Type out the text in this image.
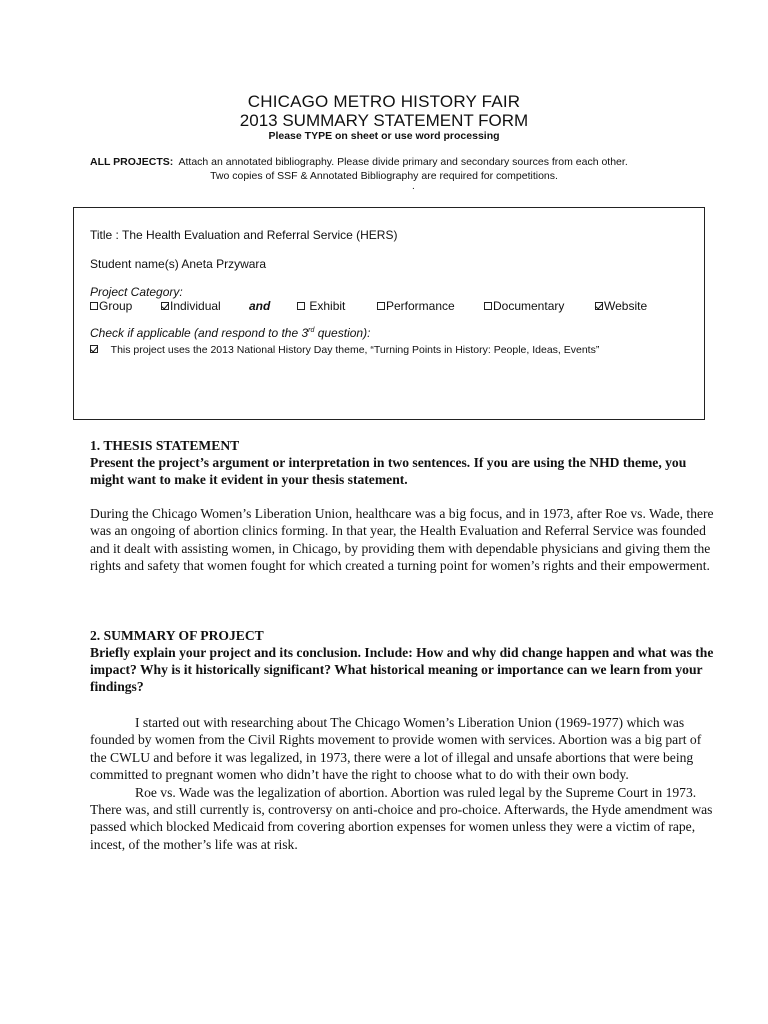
CHICAGO METRO HISTORY FAIR
2013 SUMMARY STATEMENT FORM
Please TYPE on sheet or use word processing
ALL PROJECTS: Attach an annotated bibliography. Please divide primary and secondary sources from each other.
Two copies of SSF & Annotated Bibliography are required for competitions.
.
Title : The Health Evaluation and Referral Service (HERS)
Student name(s) Aneta Przywara
Project Category:
Group	Individual and	Exhibit	Performance	Documentary	Website
Check if applicable (and respond to the 3rd question):
This project uses the 2013 National History Day theme, “Turning Points in History: People, Ideas, Events”
1. THESIS STATEMENT
Present the project’s argument or interpretation in two sentences. If you are using the NHD theme, you might want to make it evident in your thesis statement.
During the Chicago Women’s Liberation Union, healthcare was a big focus, and in 1973, after Roe vs. Wade, there was an ongoing of abortion clinics forming. In that year, the Health Evaluation and Referral Service was founded and it dealt with assisting women, in Chicago, by providing them with dependable physicians and giving them the rights and safety that women fought for which created a turning point for women’s rights and their empowerment.
2. SUMMARY OF PROJECT
Briefly explain your project and its conclusion. Include: How and why did change happen and what was the impact? Why is it historically significant? What historical meaning or importance can we learn from your findings?
I started out with researching about The Chicago Women’s Liberation Union (1969-1977) which was founded by women from the Civil Rights movement to provide women with services. Abortion was a big part of the CWLU and before it was legalized, in 1973, there were a lot of illegal and unsafe abortions that were being committed to pregnant women who didn’t have the right to choose what to do with their own body.
Roe vs. Wade was the legalization of abortion. Abortion was ruled legal by the Supreme Court in 1973. There was, and still currently is, controversy on anti-choice and pro-choice. Afterwards, the Hyde amendment was passed which blocked Medicaid from covering abortion expenses for women unless they were a victim of rape, incest, of the mother’s life was at risk.
